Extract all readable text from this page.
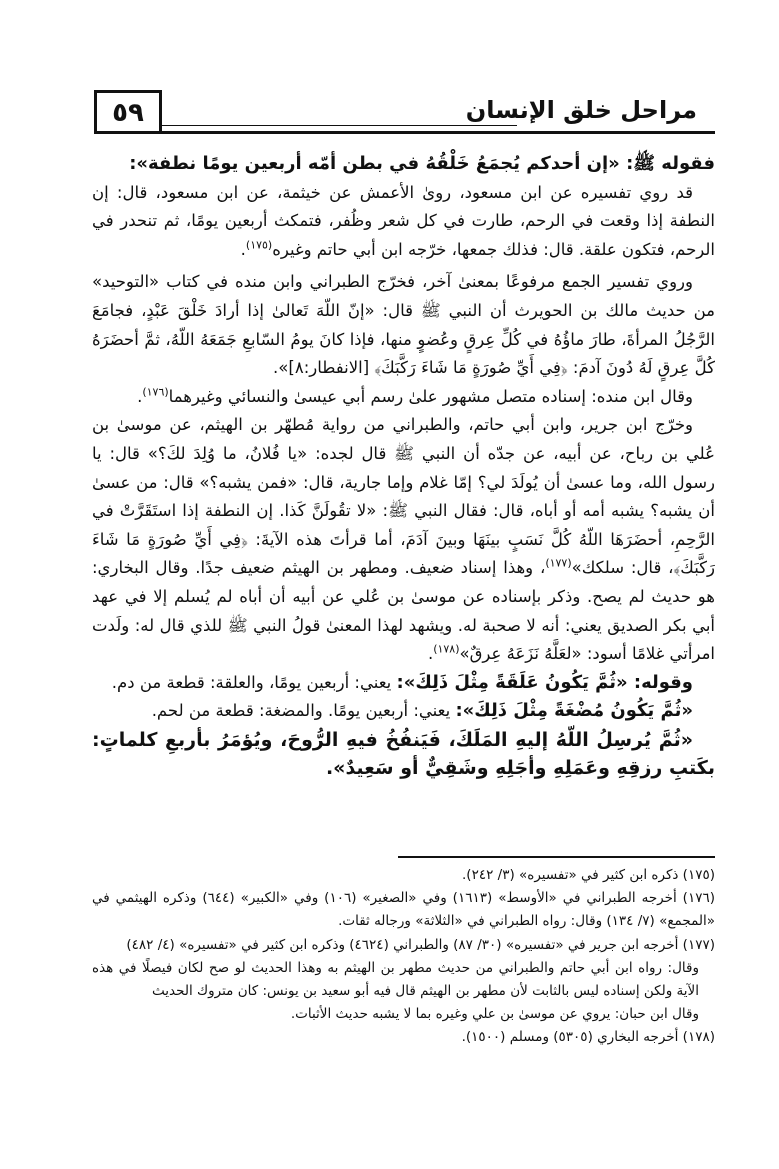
٥٩	مراحل خلق الإنسان

فقوله ﷺ: «إن أحدكم يُجمَعُ خَلْقُهُ في بطن أمّه أربعين يومًا نطفة»:

قد روي تفسيره عن ابن مسعود، روىٰ الأعمش عن خيثمة، عن ابن مسعود، قال: إن النطفة إذا وقعت في الرحم، طارت في كل شعر وظُفر، فتمكث أربعين يومًا، ثم تنحدر في الرحم، فتكون علقة. قال: فذلك جمعها، خرّجه ابن أبي حاتم وغيره$^{(١٧٥)}$.

وروي تفسير الجمع مرفوعًا بمعنىٰ آخر، فخرّج الطبراني وابن منده في كتاب «التوحيد» من حديث مالك بن الحويرث أن النبي ﷺ قال: «إنّ اللّهَ تَعالىٰ إذا أرادَ خَلْقَ عَبْدٍ، فجامَعَ الرَّجُلُ المرأةَ، طارَ ماؤُهُ في كُلِّ عِرقٍ وعُضوٍ منها، فإذا كانَ يومُ السّابعِ جَمَعَهُ اللّهُ، ثمَّ أحضَرَهُ كُلَّ عِرقٍ لَهُ دُونَ آدمَ: ﴿فِي أَيِّ صُورَةٍ مَا شَاءَ رَكَّبَكَ﴾ [الانفطار:٨]».

وقال ابن منده: إسناده متصل مشهور علىٰ رسم أبي عيسىٰ والنسائي وغيرهما$^{(١٧٦)}$.

وخرّج ابن جرير، وابن أبي حاتم، والطبراني من رواية مُطهّر بن الهيثم، عن موسىٰ بن عُلي بن رباح، عن أبيه، عن جدّه أن النبي ﷺ قال لجده: «يا فُلانُ، ما وُلِدَ لكَ؟» قال: يا رسول الله، وما عسىٰ أن يُولَدَ لي؟ إمّا غلام وإما جارية، قال: «فمن يشبه؟» قال: من عسىٰ أن يشبه؟ يشبه أمه أو أباه، قال: فقال النبي ﷺ: «لا تقُولَنَّ كَذا. إن النطفة إذا استَقَرَّتْ في الرَّحِمِ، أحضَرَهَا اللّهُ كُلَّ نَسَبٍ بينَهَا وبينَ آدَمَ، أما قرأتَ هذه الآيةَ: ﴿فِي أَيِّ صُورَةٍ مَا شَاءَ رَكَّبَكَ﴾، قال: سلكك»$^{(١٧٧)}$، وهذا إسناد ضعيف. ومطهر بن الهيثم ضعيف جدًا. وقال البخاري: هو حديث لم يصح. وذكر بإسناده عن موسىٰ بن عُلي عن أبيه أن أباه لم يُسلم إلا في عهد أبي بكر الصديق يعني: أنه لا صحبة له. ويشهد لهذا المعنىٰ قولُ النبي ﷺ للذي قال له: ولَدت امرأتي غلامًا أسود: «لعَلَّهُ نَزَعَهُ عِرقٌ»$^{(١٧٨)}$.

وقوله: «ثُمَّ يَكُونُ عَلَقَةً مِثْلَ ذَلِكَ»: يعني: أربعين يومًا، والعلقة: قطعة من دم.

«ثُمَّ يَكُونُ مُضْغَةً مِثْلَ ذَلِكَ»: يعني: أربعين يومًا. والمضغة: قطعة من لحم.

«ثُمَّ يُرسِلُ اللّهُ إليهِ المَلَكَ، فَيَنفُخُ فيهِ الرُّوحَ، ويُؤمَرُ بأربعِ كلماتٍ: بكَتبِ رزقِهِ وعَمَلِهِ وأجَلِهِ وشَقِيٌّ أو سَعِيدٌ».

(١٧٥) ذكره ابن كثير في «تفسيره» (٣/ ٢٤٢).

(١٧٦) أخرجه الطبراني في «الأوسط» (١٦١٣) وفي «الصغير» (١٠٦) وفي «الكبير» (٦٤٤) وذكره الهيثمي في «المجمع» (٧/ ١٣٤) وقال: رواه الطبراني في «الثلاثة» ورجاله ثقات.

(١٧٧) أخرجه ابن جرير في «تفسيره» (٣٠/ ٨٧) والطبراني (٤٦٢٤) وذكره ابن كثير في «تفسيره» (٤/ ٤٨٢)

وقال: رواه ابن أبي حاتم والطبراني من حديث مطهر بن الهيثم به وهذا الحديث لو صح لكان فيصلًا في هذه الآية ولكن إسناده ليس بالثابت لأن مطهر بن الهيثم قال فيه أبو سعيد بن يونس: كان متروك الحديث

وقال ابن حبان: يروي عن موسىٰ بن علي وغيره بما لا يشبه حديث الأثبات.

(١٧٨) أخرجه البخاري (٥٣٠٥) ومسلم (١٥٠٠).
